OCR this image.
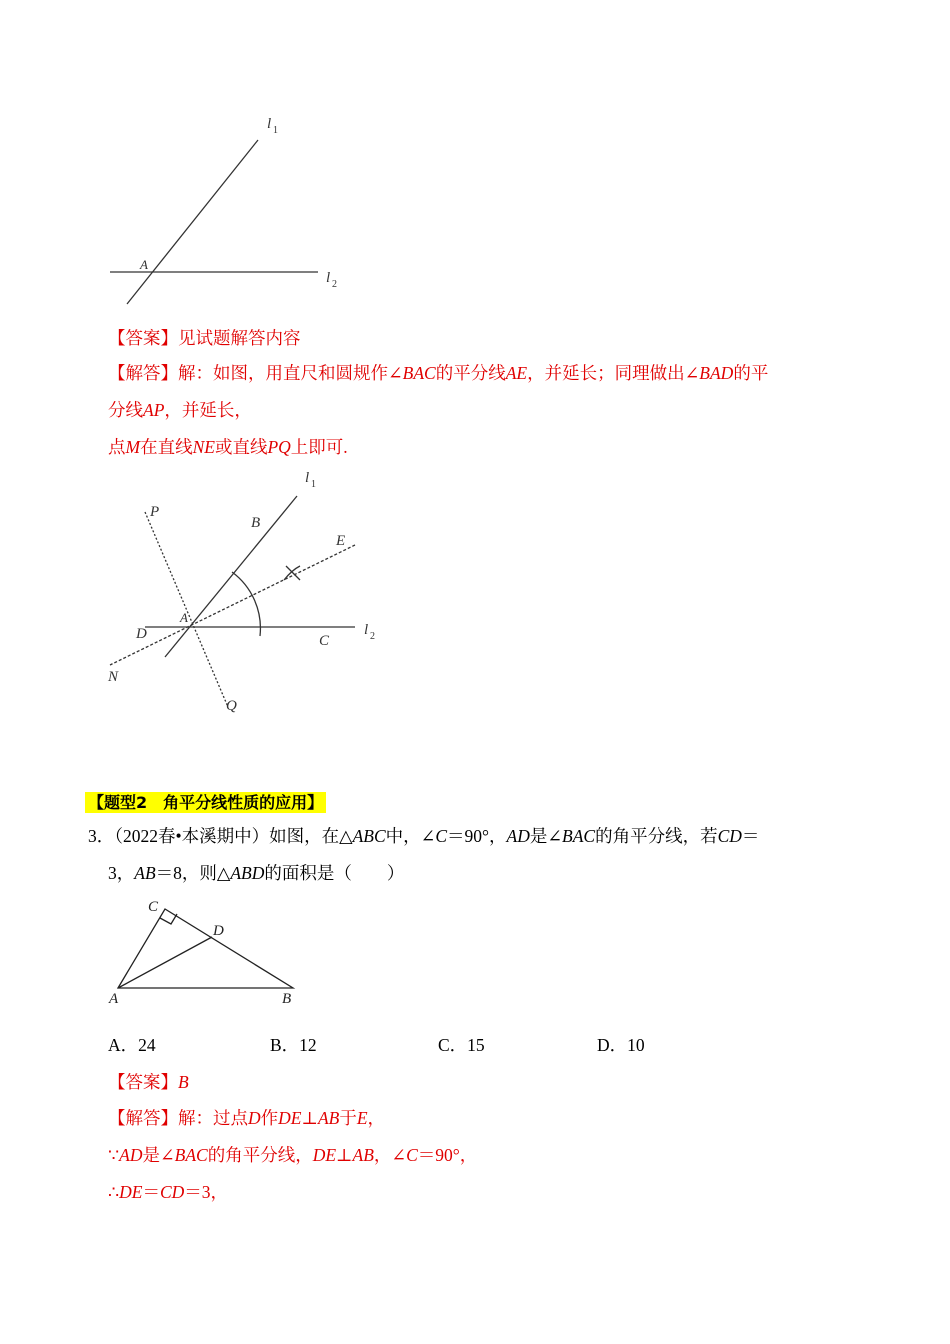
l 1
l 2
A
P
B
E
l 1
A
D	C
l 2
N
Q
C
D
A	B
【答案】见试题解答内容
【解答】解：如图，用直尺和圆规作∠BAC的平分线AE，并延长；同理做出∠BAD的平
分线AP，并延长，
点M在直线NE或直线PQ上即可.
【题型2　角平分线性质的应用】
3．（2022春•本溪期中）如图，在△ABC中，∠C＝90°，AD是∠BAC的角平分线，若CD＝
3，AB＝8，则△ABD的面积是（　　）
A．24	B．12	C．15	D．10
【答案】B
【解答】解：过点D作DE⊥AB于E，
∵AD是∠BAC的角平分线，DE⊥AB，∠C＝90°，
∴DE＝CD＝3，
